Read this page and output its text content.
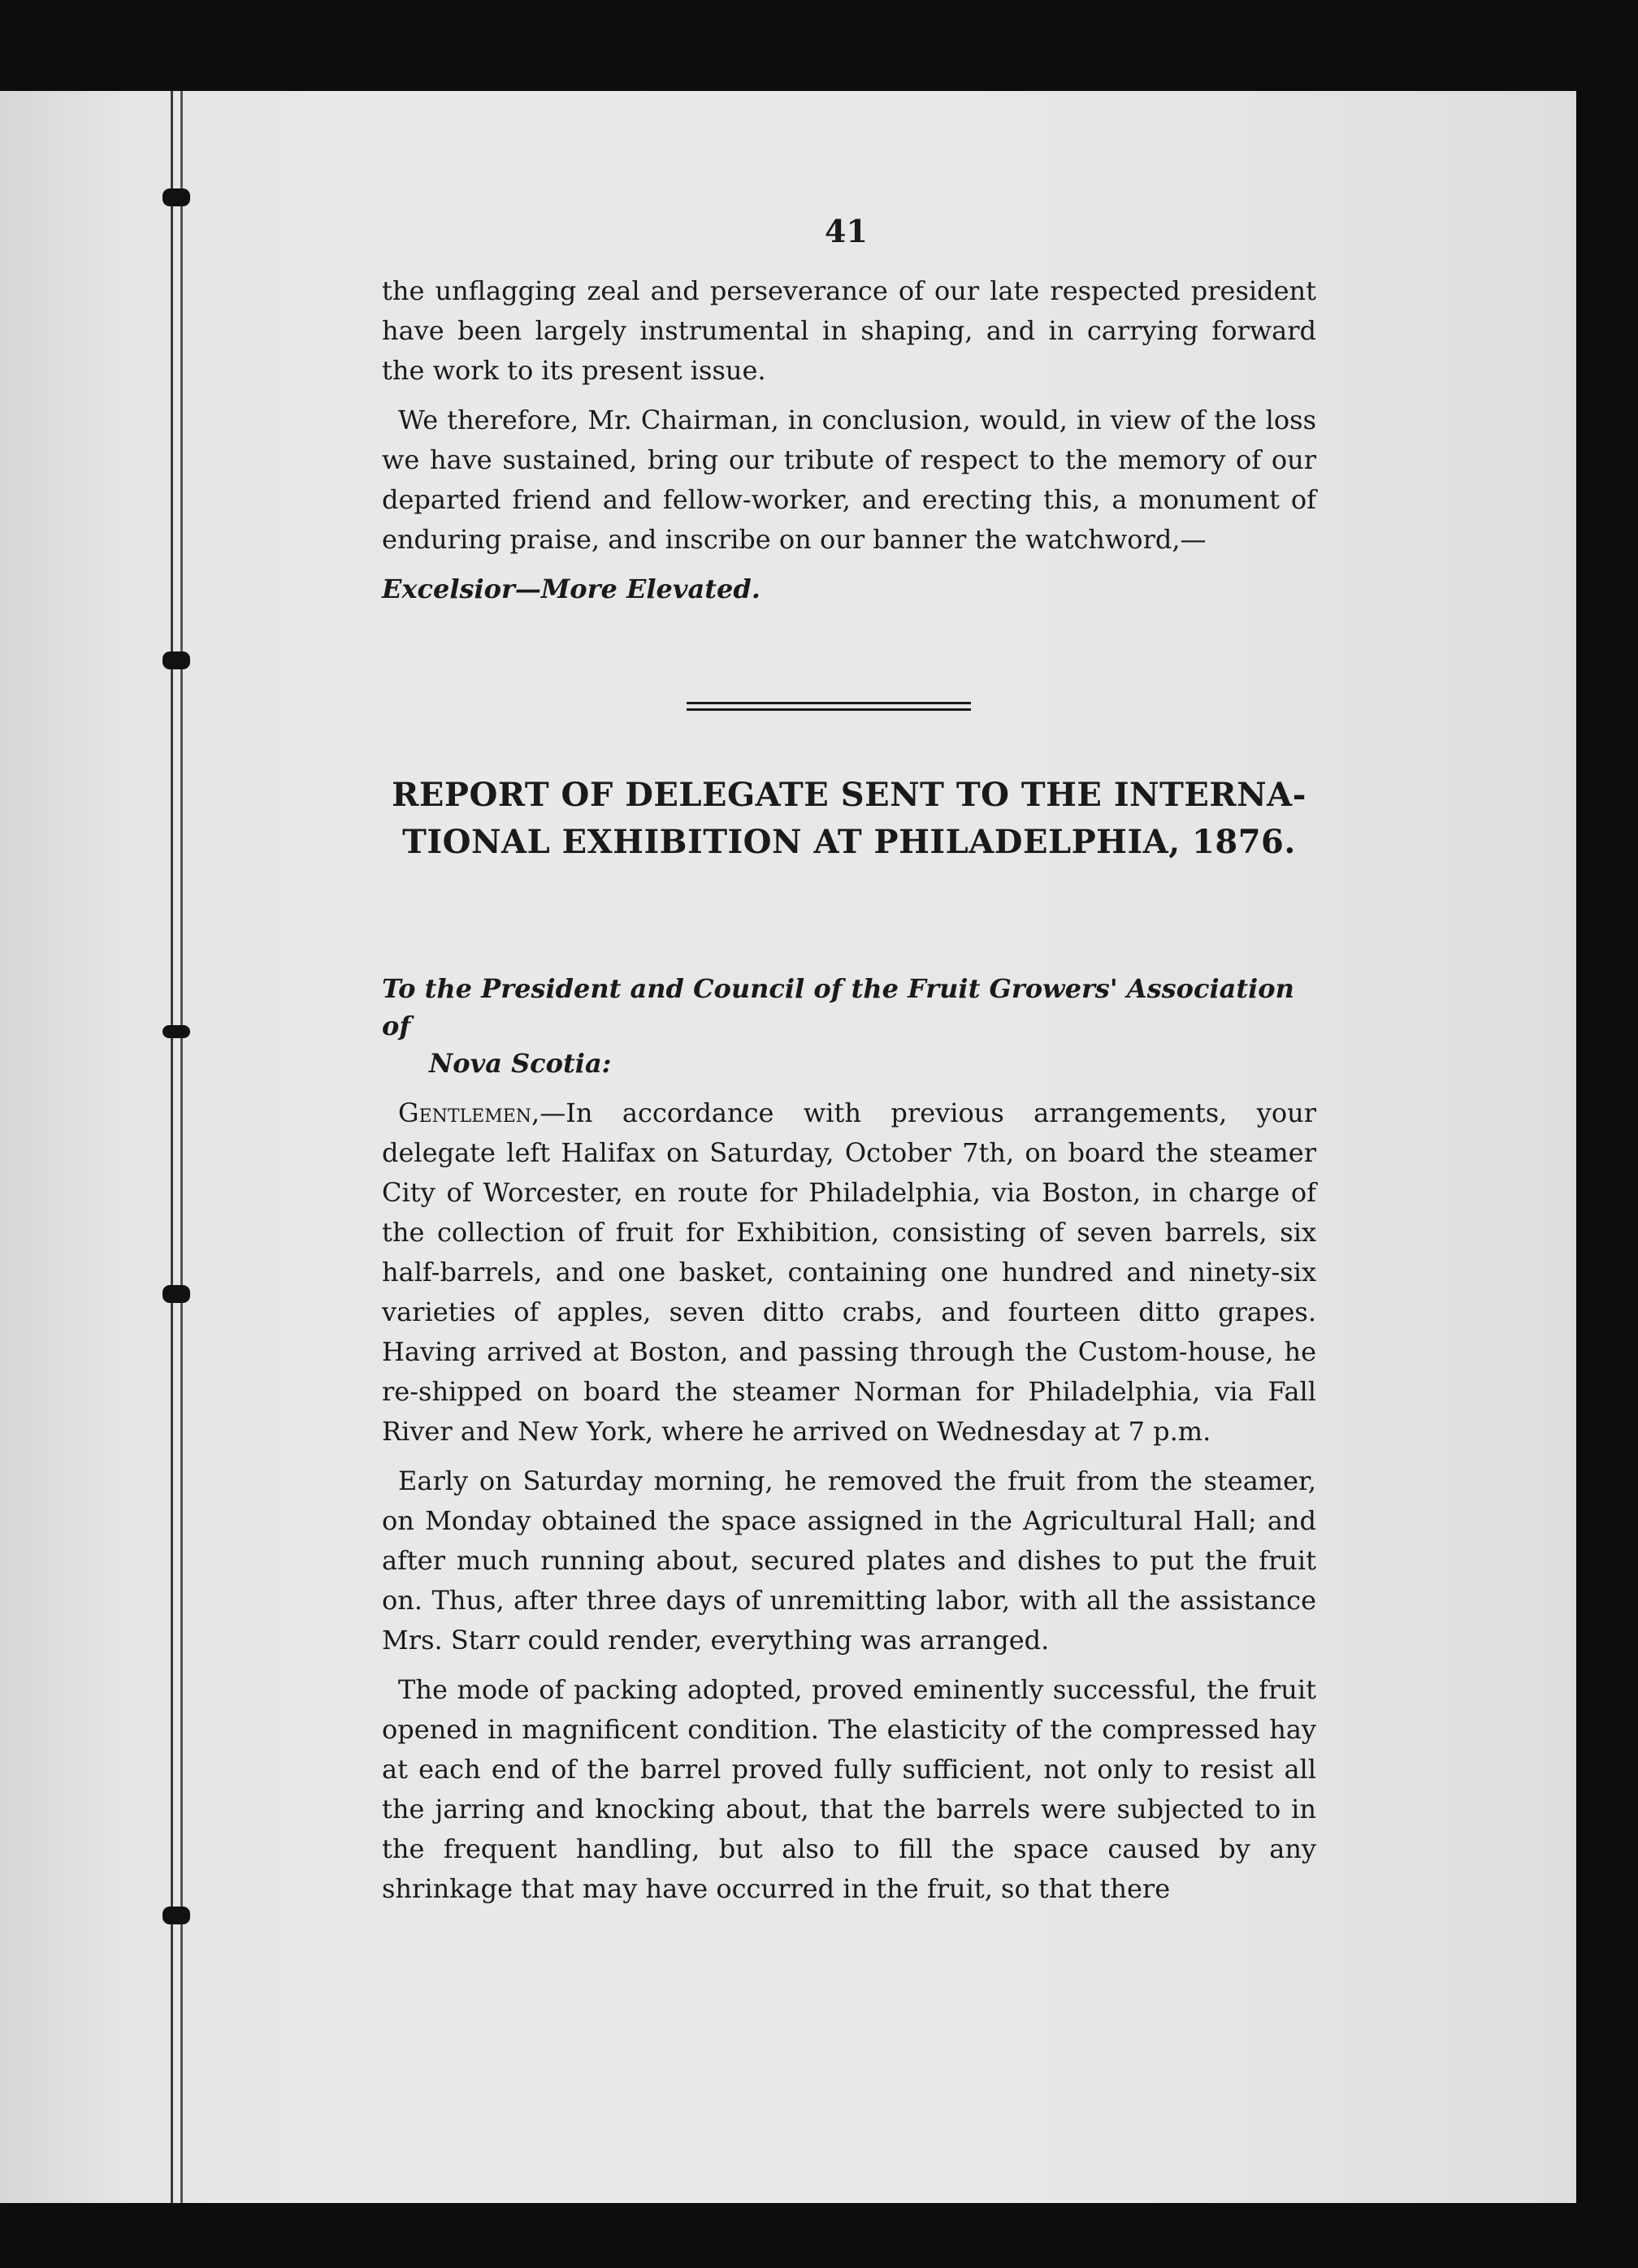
41

the unflagging zeal and perseverance of our late respected president have been largely instrumental in shaping, and in carrying forward the work to its present issue.

We therefore, Mr. Chairman, in conclusion, would, in view of the loss we have sustained, bring our tribute of respect to the memory of our departed friend and fellow-worker, and erecting this, a monument of enduring praise, and inscribe on our banner the watchword,—

Excelsior—More Elevated.

REPORT OF DELEGATE SENT TO THE INTERNA-
TIONAL EXHIBITION AT PHILADELPHIA, 1876.
To the President and Council of the Fruit Growers' Association of
Nova Scotia:

Gentlemen,—In accordance with previous arrangements, your delegate left Halifax on Saturday, October 7th, on board the steamer City of Worcester, en route for Philadelphia, via Boston, in charge of the collection of fruit for Exhibition, consisting of seven barrels, six half-barrels, and one basket, containing one hundred and ninety-six varieties of apples, seven ditto crabs, and fourteen ditto grapes. Having arrived at Boston, and passing through the Custom-house, he re-shipped on board the steamer Norman for Philadelphia, via Fall River and New York, where he arrived on Wednesday at 7 p.m.

Early on Saturday morning, he removed the fruit from the steamer, on Monday obtained the space assigned in the Agricultural Hall; and after much running about, secured plates and dishes to put the fruit on. Thus, after three days of unremitting labor, with all the assistance Mrs. Starr could render, everything was arranged.

The mode of packing adopted, proved eminently successful, the fruit opened in magnificent condition. The elasticity of the compressed hay at each end of the barrel proved fully sufficient, not only to resist all the jarring and knocking about, that the barrels were subjected to in the frequent handling, but also to fill the space caused by any shrinkage that may have occurred in the fruit, so that there
